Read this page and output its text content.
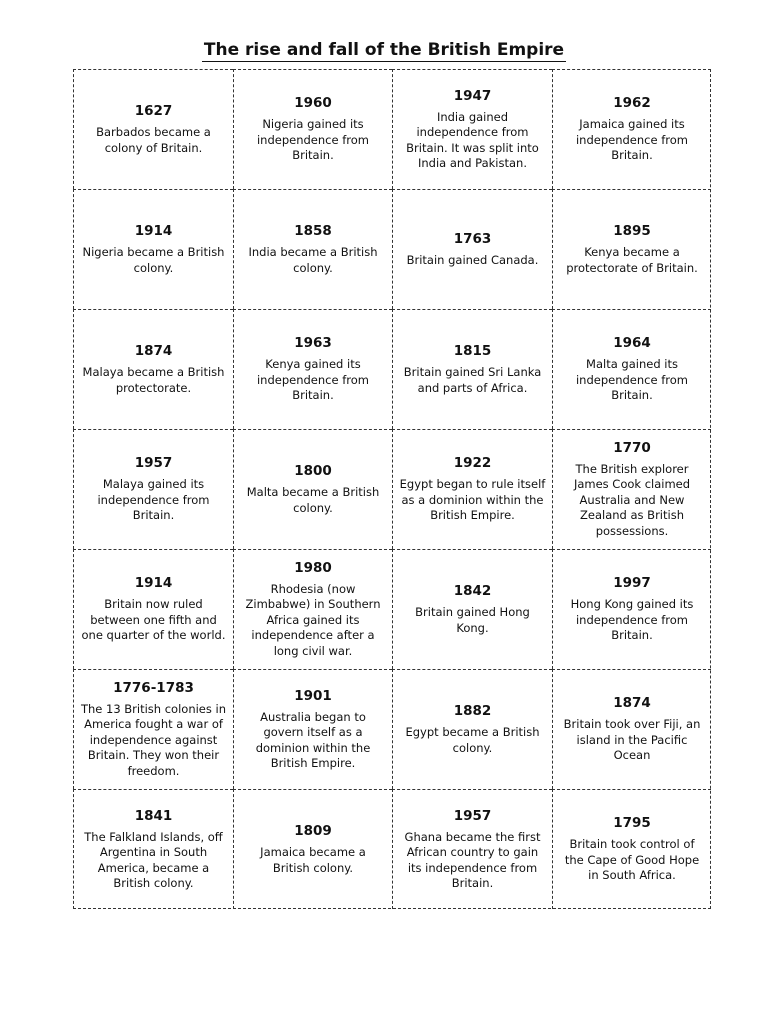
The rise and fall of the British Empire
1627
Barbados became a colony of Britain.
1960
Nigeria gained its independence from Britain.
1947
India gained independence from Britain. It was split into India and Pakistan.
1962
Jamaica gained its independence from Britain.
1914
Nigeria became a British colony.
1858
India became a British colony.
1763
Britain gained Canada.
1895
Kenya became a protectorate of Britain.
1874
Malaya became a British protectorate.
1963
Kenya gained its independence from Britain.
1815
Britain gained Sri Lanka and parts of Africa.
1964
Malta gained its independence from Britain.
1957
Malaya gained its independence from Britain.
1800
Malta became a British colony.
1922
Egypt began to rule itself as a dominion within the British Empire.
1770
The British explorer James Cook claimed Australia and New Zealand as British possessions.
1914
Britain now ruled between one fifth and one quarter of the world.
1980
Rhodesia (now Zimbabwe) in Southern Africa gained its independence after a long civil war.
1842
Britain gained Hong Kong.
1997
Hong Kong gained its independence from Britain.
1776-1783
The 13 British colonies in America fought a war of independence against Britain. They won their freedom.
1901
Australia began to govern itself as a dominion within the British Empire.
1882
Egypt became a British colony.
1874
Britain took over Fiji, an island in the Pacific Ocean
1841
The Falkland Islands, off Argentina in South America, became a British colony.
1809
Jamaica became a British colony.
1957
Ghana became the first African country to gain its independence from Britain.
1795
Britain took control of the Cape of Good Hope in South Africa.
